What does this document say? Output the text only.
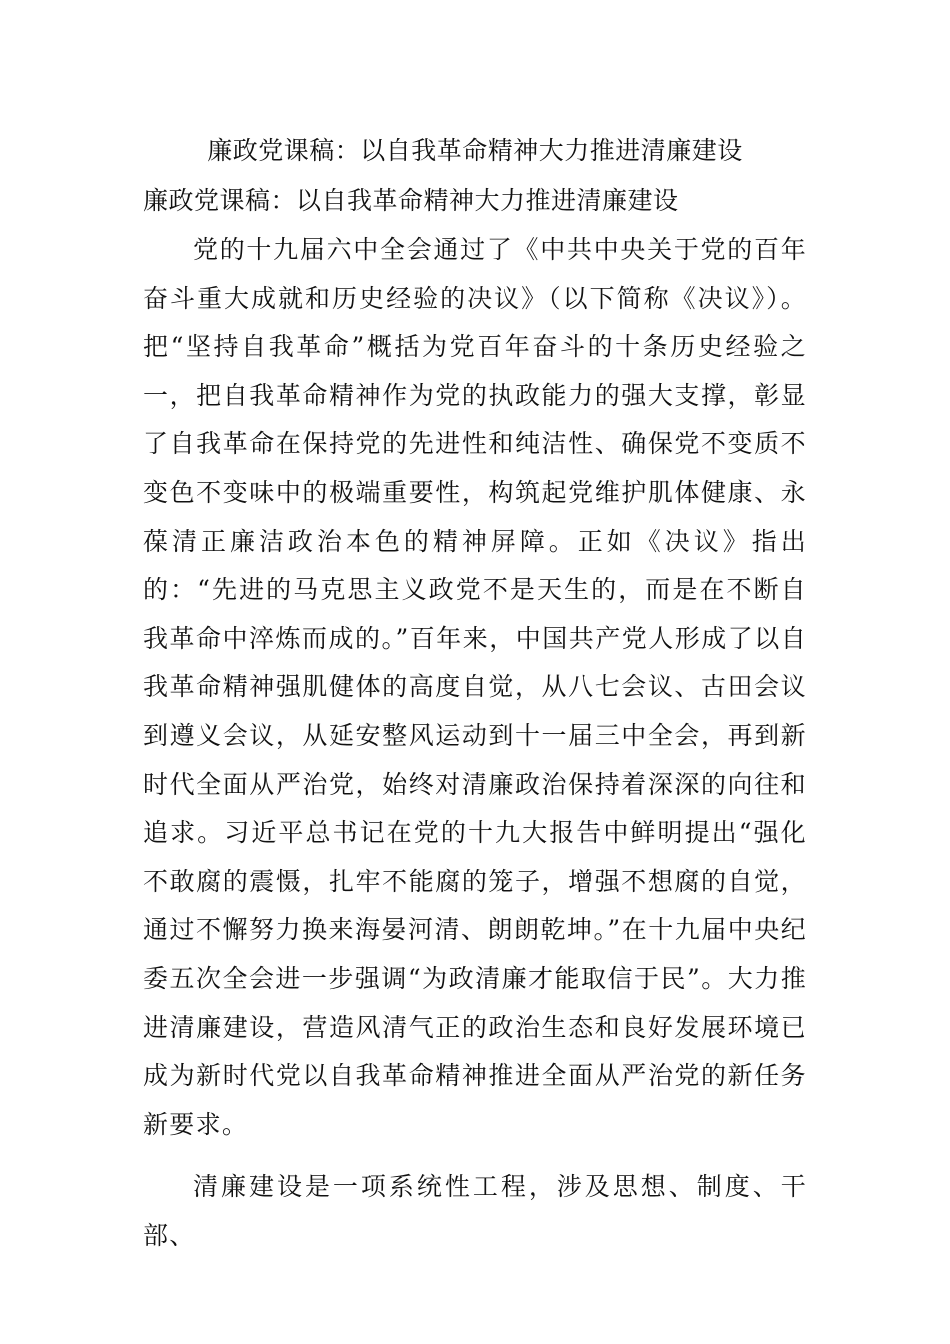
廉政党课稿：以自我革命精神大力推进清廉建设
廉政党课稿：以自我革命精神大力推进清廉建设

党的十九届六中全会通过了《中共中央关于党的百年奋斗重大成就和历史经验的决议》（以下简称《决议》）。把“坚持自我革命”概括为党百年奋斗的十条历史经验之一，把自我革命精神作为党的执政能力的强大支撑，彰显了自我革命在保持党的先进性和纯洁性、确保党不变质不变色不变味中的极端重要性，构筑起党维护肌体健康、永葆清正廉洁政治本色的精神屏障。正如《决议》指出的：“先进的马克思主义政党不是天生的，而是在不断自我革命中淬炼而成的。”百年来，中国共产党人形成了以自我革命精神强肌健体的高度自觉，从八七会议、古田会议到遵义会议，从延安整风运动到十一届三中全会，再到新时代全面从严治党，始终对清廉政治保持着深深的向往和追求。习近平总书记在党的十九大报告中鲜明提出“强化不敢腐的震慑，扎牢不能腐的笼子，增强不想腐的自觉，通过不懈努力换来海晏河清、朗朗乾坤。”在十九届中央纪委五次全会进一步强调“为政清廉才能取信于民”。大力推进清廉建设，营造风清气正的政治生态和良好发展环境已成为新时代党以自我革命精神推进全面从严治党的新任务新要求。

清廉建设是一项系统性工程，涉及思想、制度、干部、
